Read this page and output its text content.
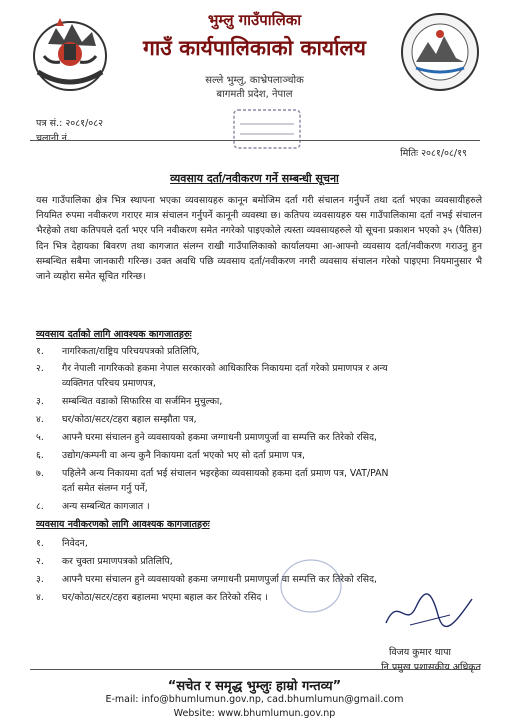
भुम्लु गाउँपालिका
गाउँ कार्यपालिकाको कार्यालय
सल्ले भुम्लु, काभ्रेपलाञ्चोक
बागमती प्रदेश, नेपाल
पत्र सं.: २०८१/०८२
चलानी नं.
मितिः २०८१/०८/१९
व्यवसाय दर्ता/नवीकरण गर्ने सम्बन्धी सूचना
यस गाउँपालिका क्षेत्र भित्र स्थापना भएका व्यवसायहरु कानून बमोजिम दर्ता गरी संचालन गर्नुपर्ने तथा दर्ता भएका व्यवसायीहरुले नियमित रुपमा नवीकरण गराएर मात्र संचालन गर्नुपर्ने कानूनी व्यवस्था छ। कतिपय व्यवसायहरु यस गाउँपालिकामा दर्ता नभई संचालन भैरहेको तथा कतिपयले दर्ता भएर पनि नवीकरण समेत नगरेको पाइएकोले त्यस्ता व्यवसायहरुले यो सूचना प्रकाशन भएको ३५ (पैतिस) दिन भित्र देहायका बिवरण तथा कागजात संलग्न राखी गाउँपालिकाको कार्यालयमा आ-आफ्नो व्यवसाय दर्ता/नवीकरण गराउनु हुन सम्बन्धित सबैमा जानकारी गरिन्छ। उक्त अवधि पछि व्यवसाय दर्ता/नवीकरण नगरी व्यवसाय संचालन गरेको पाइएमा नियमानुसार भै जाने व्यहोरा समेत सूचित गरिन्छ।
व्यवसाय दर्ताको लागि आवश्यक कागजातहरुः
१.	नागरिकता/राष्ट्रिय परिचयपत्रको प्रतिलिपि,
२.	गैर नेपाली नागरिकको हकमा नेपाल सरकारको आधिकारिक निकायमा दर्ता गरेको प्रमाणपत्र र अन्य
व्यक्तिगत परिचय प्रमाणपत्र,
३.	सम्बन्धित वडाको सिफारिस वा सर्जमिन मुचुल्का,
४.	घर/कोठा/सटर/टहरा बहाल सम्झौता पत्र,
५.	आफ्नै घरमा संचालन हुने व्यवसायको हकमा जग्गाधनी प्रमाणपुर्जा वा सम्पत्ति कर तिरेको रसिद,
६.	उद्योग/कम्पनी वा अन्य कुनै निकायमा दर्ता भएको भए सो दर्ता प्रमाण पत्र,
७.	पहिलेनै अन्य निकायमा दर्ता भई संचालन भइरहेका व्यवसायको हकमा दर्ता प्रमाण पत्र, VAT/PAN
दर्ता समेत संलग्न गर्नु पर्ने,
८.	अन्य सम्बन्धित कागजात ।
व्यवसाय नवीकरणको लागि आवश्यक कागजातहरुः
१.	निवेदन,
२.	कर चुक्ता प्रमाणपत्रको प्रतिलिपि,
३.	आफ्नै घरमा संचालन हुने व्यवसायको हकमा जग्गाधनी प्रमाणपुर्जा वा सम्पत्ति कर तिरेको रसिद,
४.	घर/कोठा/सटर/टहरा बहालमा भएमा बहाल कर तिरेको रसिद ।
विजय कुमार थापा
नि.प्रमुख प्रशासकीय अधिकृत
“सचेत र समृद्ध भुम्लुः हाम्रो गन्तव्य”
E-mail: info@bhumlumun.gov.np, cad.bhumlumun@gmail.com
Website: www.bhumlumun.gov.np
